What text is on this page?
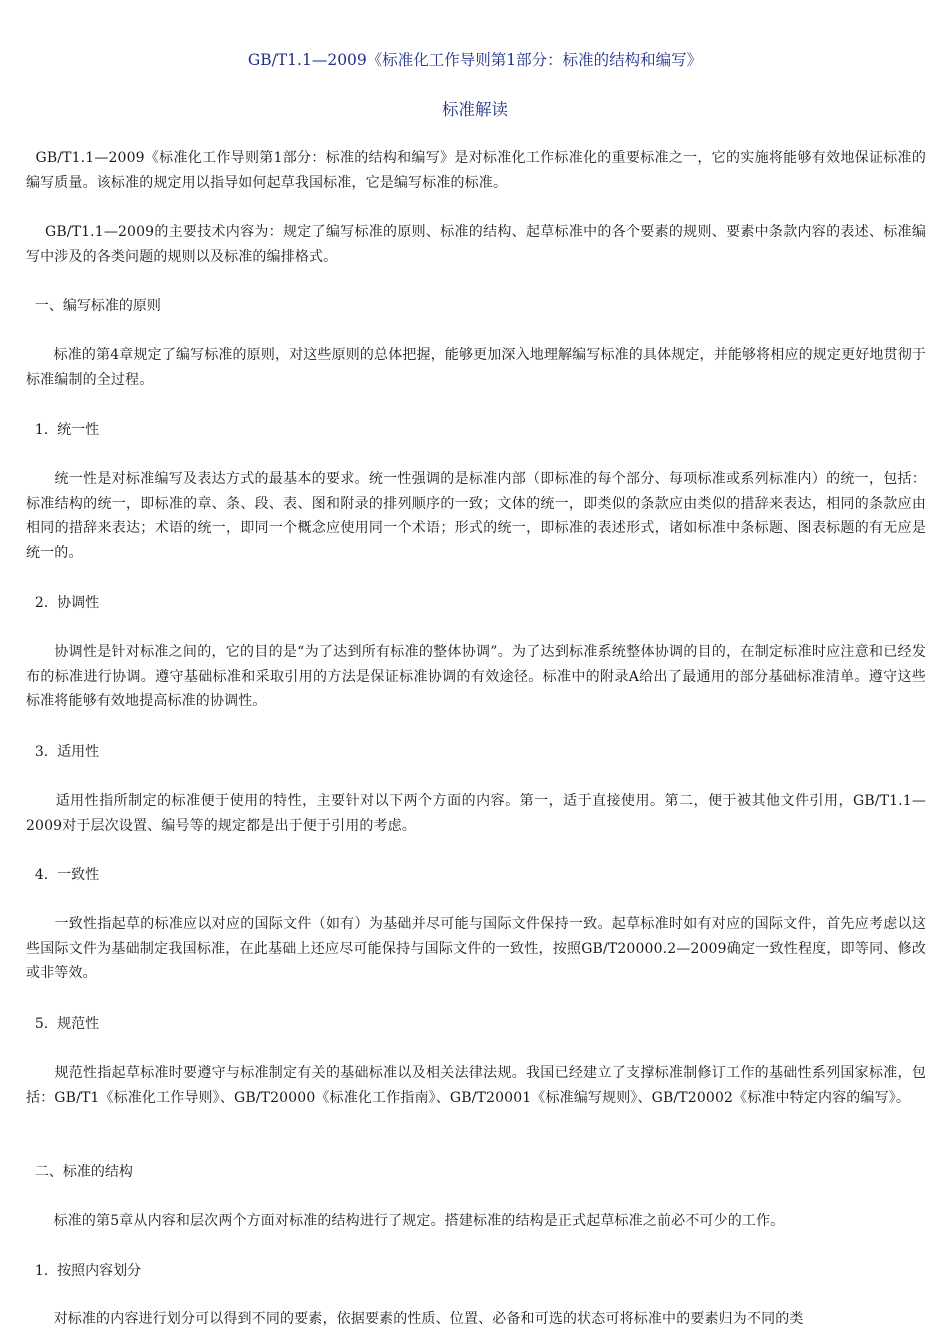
GB/T1.1—2009《标准化工作导则第1部分：标准的结构和编写》
标准解读

GB/T1.1—2009《标准化工作导则第1部分：标准的结构和编写》是对标准化工作标准化的重要标准之一，它的实施将能够有效地保证标准的编写质量。该标准的规定用以指导如何起草我国标准，它是编写标准的标准。

GB/T1.1—2009的主要技术内容为：规定了编写标准的原则、标准的结构、起草标准中的各个要素的规则、要素中条款内容的表述、标准编写中涉及的各类问题的规则以及标准的编排格式。

一、编写标准的原则

标准的第4章规定了编写标准的原则，对这些原则的总体把握，能够更加深入地理解编写标准的具体规定，并能够将相应的规定更好地贯彻于标准编制的全过程。

1.  统一性

统一性是对标准编写及表达方式的最基本的要求。统一性强调的是标准内部（即标准的每个部分、每项标准或系列标准内）的统一，包括：标准结构的统一，即标准的章、条、段、表、图和附录的排列顺序的一致；文体的统一，即类似的条款应由类似的措辞来表达，相同的条款应由相同的措辞来表达；术语的统一，即同一个概念应使用同一个术语；形式的统一，即标准的表述形式，诸如标准中条标题、图表标题的有无应是统一的。

2.  协调性

协调性是针对标准之间的，它的目的是“为了达到所有标准的整体协调”。为了达到标准系统整体协调的目的，在制定标准时应注意和已经发布的标准进行协调。遵守基础标准和采取引用的方法是保证标准协调的有效途径。标准中的附录A给出了最通用的部分基础标准清单。遵守这些标准将能够有效地提高标准的协调性。

3.  适用性

适用性指所制定的标准便于使用的特性，主要针对以下两个方面的内容。第一，适于直接使用。第二，便于被其他文件引用，GB/T1.1—2009对于层次设置、编号等的规定都是出于便于引用的考虑。

4.  一致性

一致性指起草的标准应以对应的国际文件（如有）为基础并尽可能与国际文件保持一致。起草标准时如有对应的国际文件，首先应考虑以这些国际文件为基础制定我国标准，在此基础上还应尽可能保持与国际文件的一致性，按照GB/T20000.2—2009确定一致性程度，即等同、修改或非等效。

5.  规范性

规范性指起草标准时要遵守与标准制定有关的基础标准以及相关法律法规。我国已经建立了支撑标准制修订工作的基础性系列国家标准，包括：GB/T1《标准化工作导则》、GB/T20000《标准化工作指南》、GB/T20001《标准编写规则》、GB/T20002《标准中特定内容的编写》。

二、标准的结构

标准的第5章从内容和层次两个方面对标准的结构进行了规定。搭建标准的结构是正式起草标准之前必不可少的工作。

1.  按照内容划分

对标准的内容进行划分可以得到不同的要素，依据要素的性质、位置、必备和可选的状态可将标准中的要素归为不同的类
